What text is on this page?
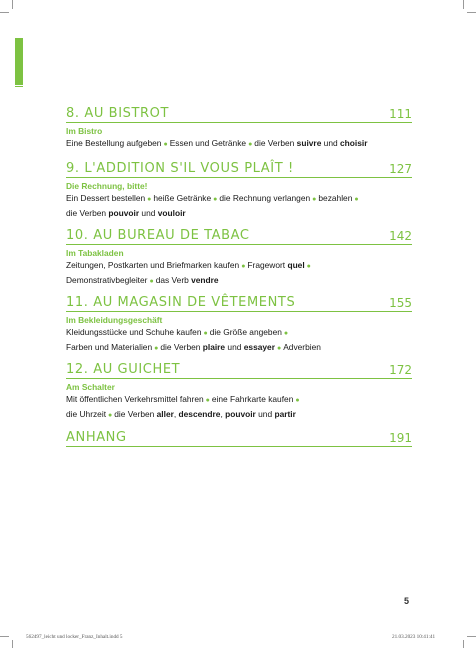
8. AU BISTROT	111
Im Bistro
Eine Bestellung aufgeben ● Essen und Getränke ● die Verben suivre und choisir
9. L'ADDITION S'IL VOUS PLAÎT !	127
Die Rechnung, bitte!
Ein Dessert bestellen ● heiße Getränke ● die Rechnung verlangen ● bezahlen ●
die Verben pouvoir und vouloir
10. AU BUREAU DE TABAC	142
Im Tabakladen
Zeitungen, Postkarten und Briefmarken kaufen ● Fragewort quel ●
Demonstrativbegleiter ● das Verb vendre
11. AU MAGASIN DE VÊTEMENTS	155
Im Bekleidungsgeschäft
Kleidungsstücke und Schuhe kaufen ● die Größe angeben ●
Farben und Materialien ● die Verben plaire und essayer ● Adverbien
12. AU GUICHET	172
Am Schalter
Mit öffentlichen Verkehrsmittel fahren ● eine Fahrkarte kaufen ●
die Uhrzeit ● die Verben aller, descendre, pouvoir und partir
ANHANG	191
5
562497_leicht und locker_Franz_Inhalt.indd 5	21.03.2023 10:41:41
